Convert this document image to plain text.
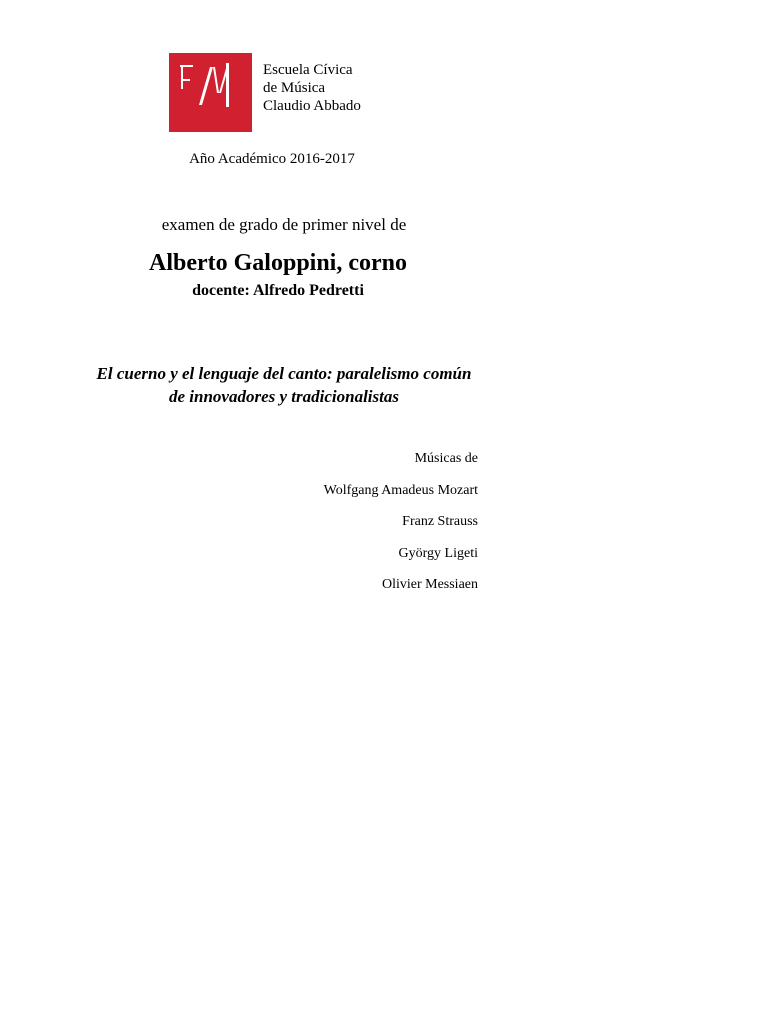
Escuela Cívica
de Música
Claudio Abbado
Año Académico 2016-2017
examen de grado de primer nivel de
Alberto Galoppini, corno
docente: Alfredo Pedretti
El cuerno y el lenguaje del canto: paralelismo común
de innovadores y tradicionalistas
Músicas de
Wolfgang Amadeus Mozart
Franz Strauss
György Ligeti
Olivier Messiaen
